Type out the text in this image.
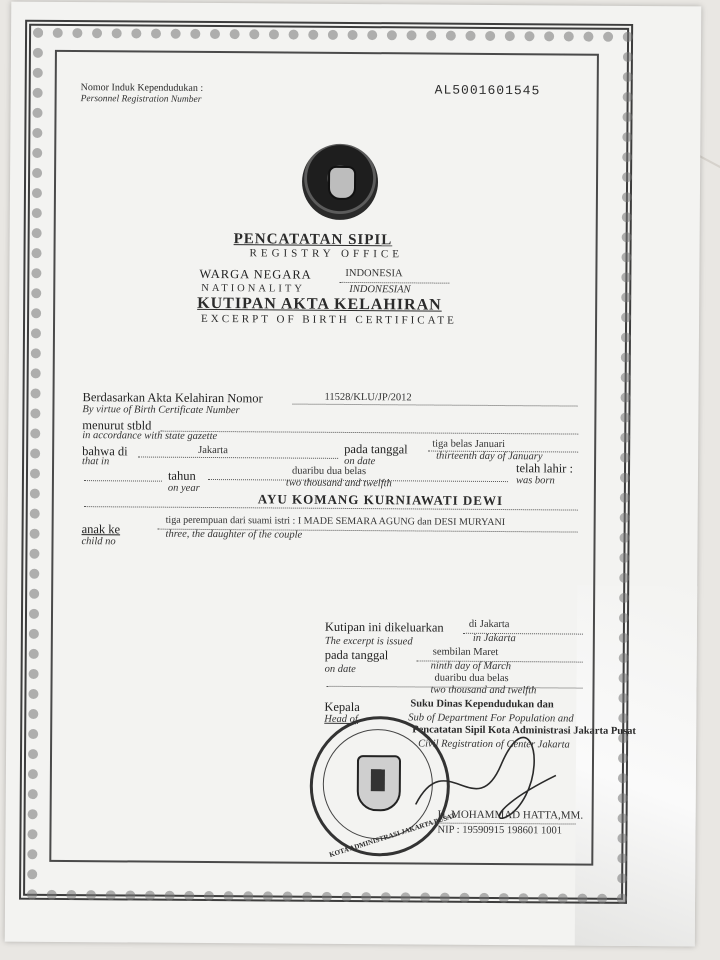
Nomor Induk Kependudukan :
Personnel Registration Number
AL5001601545
PENCATATAN SIPIL
REGISTRY OFFICE
WARGA NEGARA	INDONESIA
NATIONALITY	INDONESIAN
KUTIPAN AKTA KELAHIRAN
EXCERPT OF BIRTH CERTIFICATE
Berdasarkan Akta Kelahiran Nomor	11528/KLU/JP/2012
By virtue of Birth Certificate Number
menurut stbld
in accordance with state gazette
bahwa di	Jakarta
that in
pada tanggal
on date
tiga belas Januari
thirteenth day of January
tahun
on year
duaribu dua belas
two thousand and twelfth
telah lahir :
was born
AYU KOMANG KURNIAWATI DEWI
anak ke
child no
tiga perempuan dari suami istri : I MADE SEMARA AGUNG dan DESI MURYANI
three, the daughter of the couple
Kutipan ini dikeluarkan di Jakarta
The excerpt is issued	in Jakarta
pada tanggal
on date
sembilan Maret
ninth day of March
duaribu dua belas
two thousand and twelfth
Kepala
Head of
Suku Dinas Kependudukan dan
Sub of Department For Population and
Pencatatan Sipil Kota Administrasi Jakarta Pusat
Civil Registration of Center Jakarta
KOTA ADMINISTRASI JAKARTA PUSAT
H. MOHAMMAD HATTA,MM.
NIP : 19590915 198601 1001
